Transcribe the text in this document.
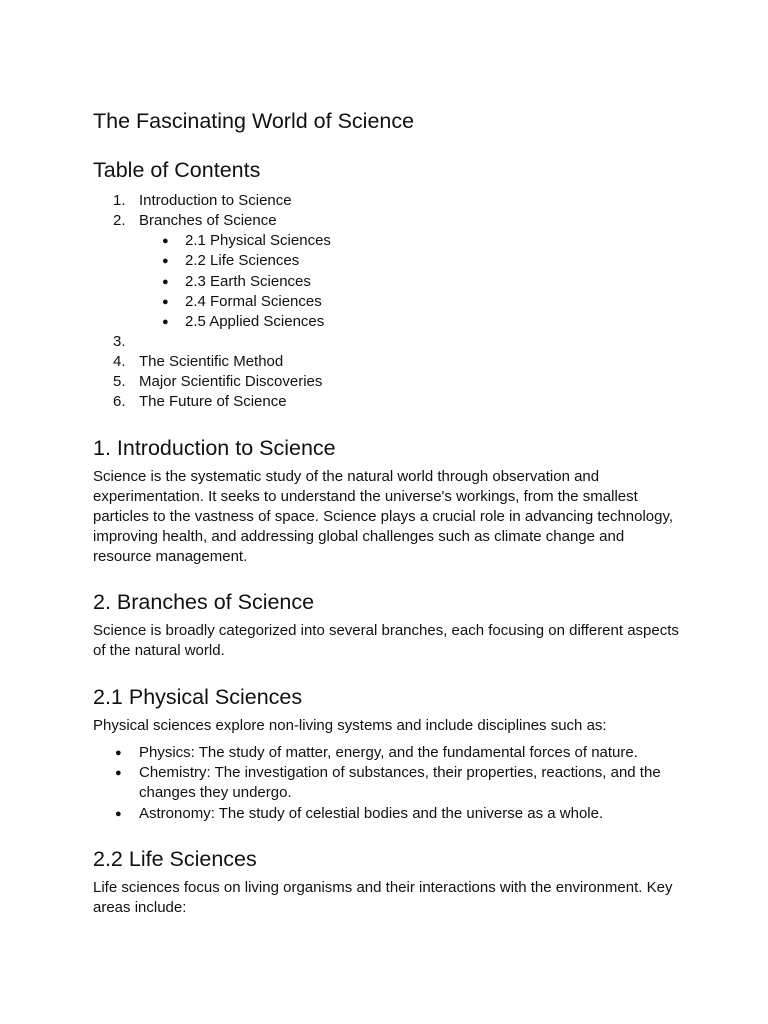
The Fascinating World of Science
Table of Contents
1. Introduction to Science
2. Branches of Science
● 2.1 Physical Sciences
● 2.2 Life Sciences
● 2.3 Earth Sciences
● 2.4 Formal Sciences
● 2.5 Applied Sciences
3.
4. The Scientific Method
5. Major Scientific Discoveries
6. The Future of Science
1. Introduction to Science

Science is the systematic study of the natural world through observation and experimentation. It seeks to understand the universe's workings, from the smallest particles to the vastness of space. Science plays a crucial role in advancing technology, improving health, and addressing global challenges such as climate change and resource management.

2. Branches of Science

Science is broadly categorized into several branches, each focusing on different aspects of the natural world.

2.1 Physical Sciences

Physical sciences explore non-living systems and include disciplines such as:

● Physics: The study of matter, energy, and the fundamental forces of nature.
● Chemistry: The investigation of substances, their properties, reactions, and the changes they undergo.
● Astronomy: The study of celestial bodies and the universe as a whole.
2.2 Life Sciences

Life sciences focus on living organisms and their interactions with the environment. Key areas include:
